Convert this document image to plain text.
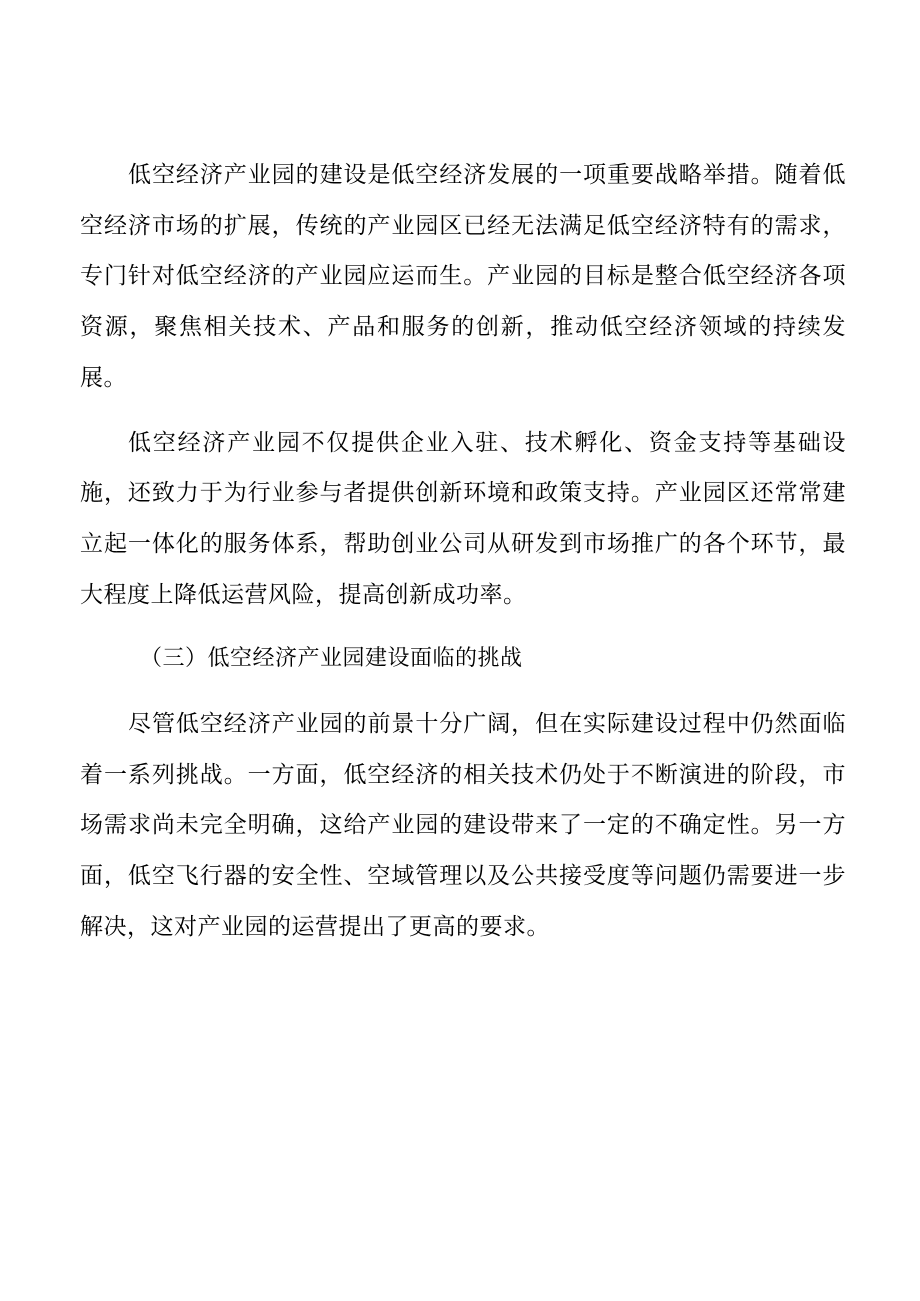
低空经济产业园的建设是低空经济发展的一项重要战略举措。随着低空经济市场的扩展，传统的产业园区已经无法满足低空经济特有的需求，专门针对低空经济的产业园应运而生。产业园的目标是整合低空经济各项资源，聚焦相关技术、产品和服务的创新，推动低空经济领域的持续发展。

低空经济产业园不仅提供企业入驻、技术孵化、资金支持等基础设施，还致力于为行业参与者提供创新环境和政策支持。产业园区还常常建立起一体化的服务体系，帮助创业公司从研发到市场推广的各个环节，最大程度上降低运营风险，提高创新成功率。

（三）低空经济产业园建设面临的挑战

尽管低空经济产业园的前景十分广阔，但在实际建设过程中仍然面临着一系列挑战。一方面，低空经济的相关技术仍处于不断演进的阶段，市场需求尚未完全明确，这给产业园的建设带来了一定的不确定性。另一方面，低空飞行器的安全性、空域管理以及公共接受度等问题仍需要进一步解决，这对产业园的运营提出了更高的要求。
